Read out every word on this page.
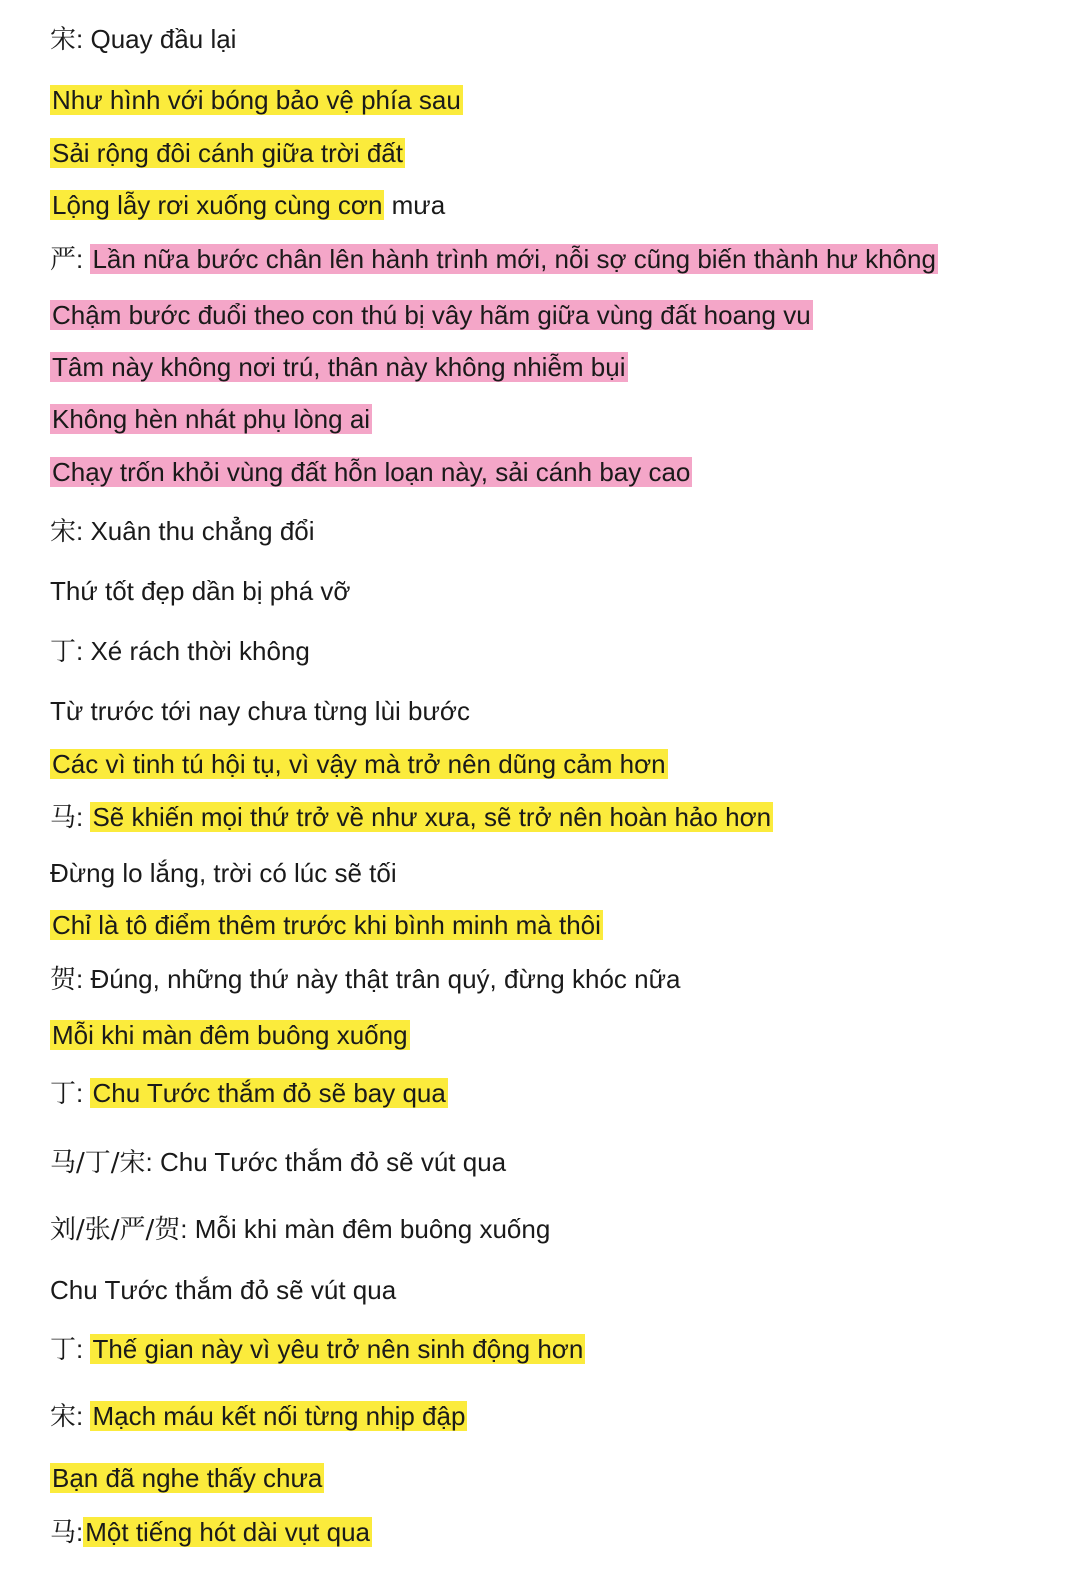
宋: Quay đầu lại

Như hình với bóng bảo vệ phía sau

Sải rộng đôi cánh giữa trời đất

Lộng lẫy rơi xuống cùng cơn mưa

严: Lần nữa bước chân lên hành trình mới, nỗi sợ cũng biến thành hư không

Chậm bước đuổi theo con thú bị vây hãm giữa vùng đất hoang vu

Tâm này không nơi trú, thân này không nhiễm bụi

Không hèn nhát phụ lòng ai

Chạy trốn khỏi vùng đất hỗn loạn này, sải cánh bay cao

宋: Xuân thu chẳng đổi

Thứ tốt đẹp dần bị phá vỡ

丁: Xé rách thời không

Từ trước tới nay chưa từng lùi bước

Các vì tinh tú hội tụ, vì vậy mà trở nên dũng cảm hơn

马: Sẽ khiến mọi thứ trở về như xưa, sẽ trở nên hoàn hảo hơn

Đừng lo lắng, trời có lúc sẽ tối

Chỉ là tô điểm thêm trước khi bình minh mà thôi

贺: Đúng, những thứ này thật trân quý, đừng khóc nữa

Mỗi khi màn đêm buông xuống

丁: Chu Tước thắm đỏ sẽ bay qua

马/丁/宋: Chu Tước thắm đỏ sẽ vút qua

刘/张/严/贺: Mỗi khi màn đêm buông xuống

Chu Tước thắm đỏ sẽ vút qua

丁: Thế gian này vì yêu trở nên sinh động hơn

宋: Mạch máu kết nối từng nhịp đập

Bạn đã nghe thấy chưa

马:Một tiếng hót dài vụt qua
